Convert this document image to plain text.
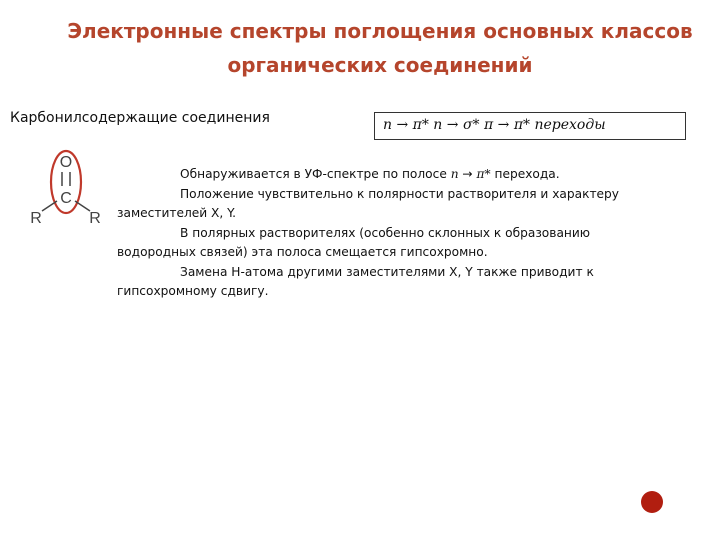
Электронные спектры поглощения основных классов
органических соединений
Карбонилсодержащие соединения	n → π* n → σ* π → π* переходы
O
C
R	R

Обнаруживается в УФ-спектре по полосе n → π* перехода.

Положение чувствительно к полярности растворителя и характеру заместителей X, Y.

В полярных растворителях (особенно склонных к образованию водородных связей) эта полоса смещается гипсохромно.

Замена Н-атома другими заместителями X, Y также приводит к гипсохромному сдвигу.
